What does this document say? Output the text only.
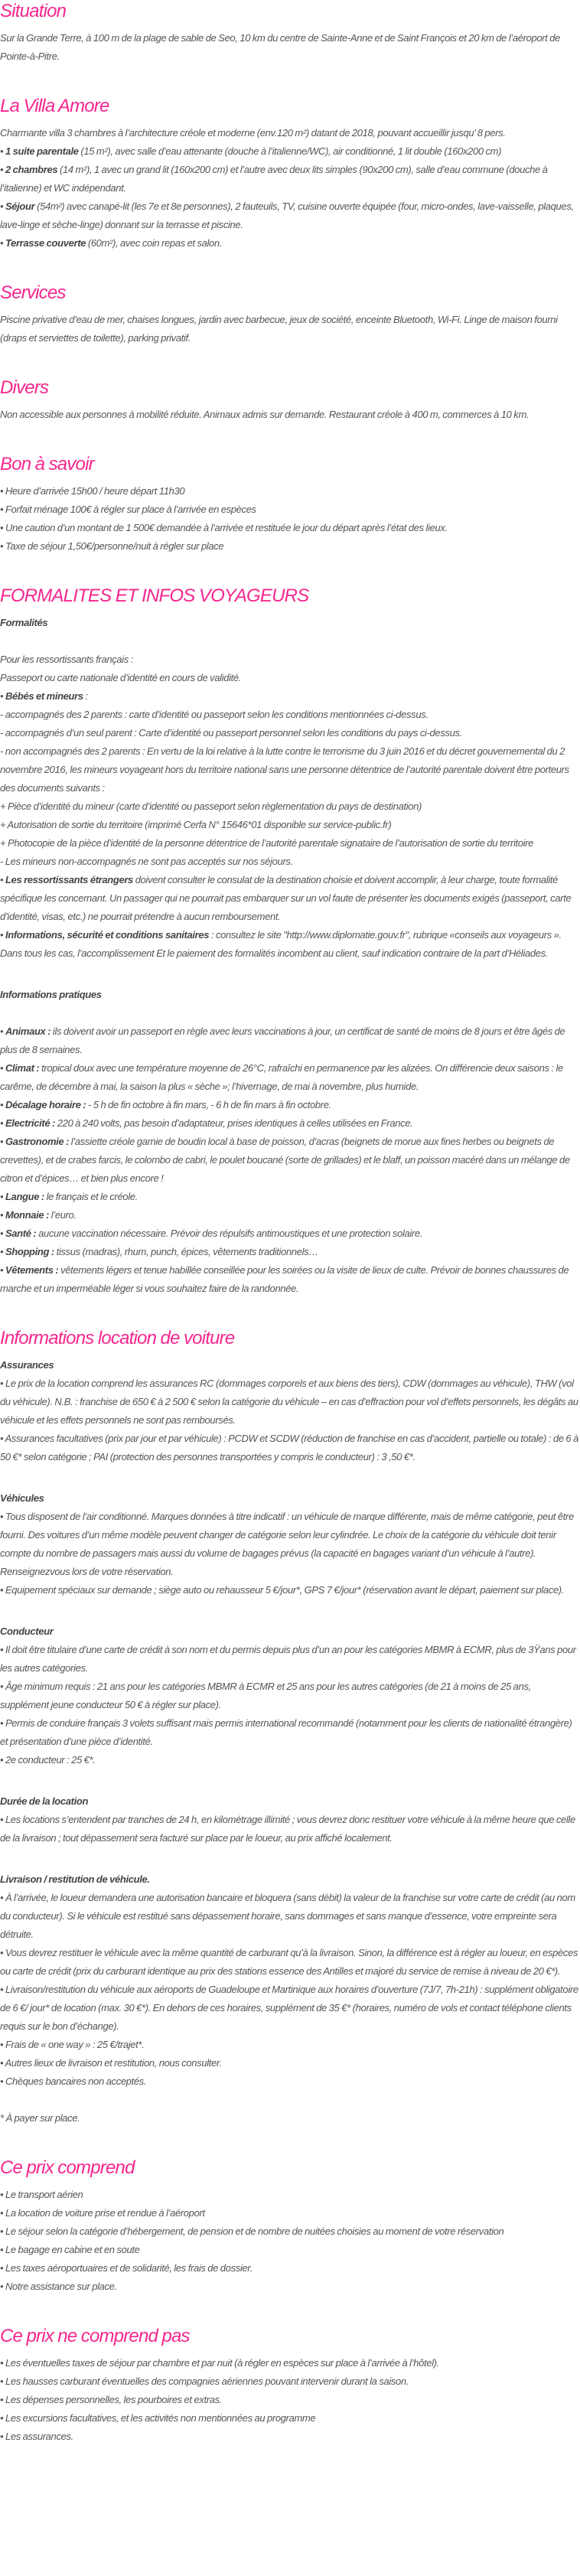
Situation

Sur la Grande Terre, à 100 m de la plage de sable de Seo, 10 km du centre de Sainte-Anne et de Saint François et 20 km de l’aéroport de Pointe-à-Pitre.

La Villa Amore

Charmante villa 3 chambres à l’architecture créole et moderne (env.120 m²) datant de 2018, pouvant accueillir jusqu’ 8 pers.

• 1 suite parentale (15 m²), avec salle d’eau attenante (douche à l’italienne/WC), air conditionné, 1 lit double (160x200 cm)
• 2 chambres (14 m²), 1 avec un grand lit (160x200 cm) et l’autre avec deux lits simples (90x200 cm), salle d’eau commune (douche à l’italienne) et WC indépendant.
• Séjour (54m²) avec canapé-lit (les 7e et 8e personnes), 2 fauteuils, TV, cuisine ouverte équipée (four, micro-ondes, lave-vaisselle, plaques, lave-linge et sèche-linge) donnant sur la terrasse et piscine.
• Terrasse couverte (60m²), avec coin repas et salon.
Services

Piscine privative d’eau de mer, chaises longues, jardin avec barbecue, jeux de société, enceinte Bluetooth, Wi-Fi. Linge de maison fourni (draps et serviettes de toilette), parking privatif.

Divers

Non accessible aux personnes à mobilité réduite. Animaux admis sur demande. Restaurant créole à 400 m, commerces à 10 km.

Bon à savoir
• Heure d’arrivée 15h00 / heure départ 11h30
• Forfait ménage 100€ à régler sur place à l’arrivée en espèces
• Une caution d’un montant de 1 500€ demandée à l’arrivée et restituée le jour du départ après l’état des lieux.
• Taxe de séjour 1,50€/personne/nuit à régler sur place
FORMALITES ET INFOS VOYAGEURS

Formalités

Pour les ressortissants français :
Passeport ou carte nationale d’identité en cours de validité.
• Bébés et mineurs :
- accompagnés des 2 parents : carte d’identité ou passeport selon les conditions mentionnées ci-dessus.
- accompagnés d’un seul parent : Carte d’identité ou passeport personnel selon les conditions du pays ci-dessus.
- non accompagnés des 2 parents : En vertu de la loi relative à la lutte contre le terrorisme du 3 juin 2016 et du décret gouvernemental du 2 novembre 2016, les mineurs voyageant hors du territoire national sans une personne détentrice de l’autorité parentale doivent être porteurs des documents suivants :
+ Pièce d’identité du mineur (carte d’identité ou passeport selon règlementation du pays de destination)
+ Autorisation de sortie du territoire (imprimé Cerfa N° 15646*01 disponible sur service-public.fr)
+ Photocopie de la pièce d’identité de la personne détentrice de l’autorité parentale signataire de l’autorisation de sortie du territoire
- Les mineurs non-accompagnés ne sont pas acceptés sur nos séjours.
• Les ressortissants étrangers doivent consulter le consulat de la destination choisie et doivent accomplir, à leur charge, toute formalité spécifique les concernant. Un passager qui ne pourrait pas embarquer sur un vol faute de présenter les documents exigés (passeport, carte d’identité, visas, etc.) ne pourrait prétendre à aucun remboursement.
• Informations, sécurité et conditions sanitaires : consultez le site "http://www.diplomatie.gouv.fr", rubrique «conseils aux voyageurs ». Dans tous les cas, l’accomplissement Et le paiement des formalités incombent au client, sauf indication contraire de la part d’Héliades.

Informations pratiques

• Animaux : ils doivent avoir un passeport en règle avec leurs vaccinations à jour, un certificat de santé de moins de 8 jours et être âgés de plus de 8 semaines.
• Climat : tropical doux avec une température moyenne de 26°C, rafraîchi en permanence par les alizées. On différencie deux saisons : le carême, de décembre à mai, la saison la plus « sèche »; l’hivernage, de mai à novembre, plus humide.
• Décalage horaire : - 5 h de fin octobre à fin mars, - 6 h de fin mars à fin octobre.
• Electricité : 220 à 240 volts, pas besoin d’adaptateur, prises identiques à celles utilisées en France.
• Gastronomie : l’assiette créole garnie de boudin local à base de poisson, d’acras (beignets de morue aux fines herbes ou beignets de crevettes), et de crabes farcis, le colombo de cabri, le poulet boucané (sorte de grillades) et le blaff, un poisson macéré dans un mélange de citron et d’épices… et bien plus encore !
• Langue : le français et le créole.
• Monnaie : l’euro.
• Santé : aucune vaccination nécessaire. Prévoir des répulsifs antimoustiques et une protection solaire.
• Shopping : tissus (madras), rhum, punch, épices, vêtements traditionnels…
• Vêtements : vêtements légers et tenue habillée conseillée pour les soirées ou la visite de lieux de culte. Prévoir de bonnes chaussures de marche et un imperméable léger si vous souhaitez faire de la randonnée.
Informations location de voiture

Assurances

• Le prix de la location comprend les assurances RC (dommages corporels et aux biens des tiers), CDW (dommages au véhicule), THW (vol du véhicule). N.B. : franchise de 650 € à 2 500 € selon la catégorie du véhicule – en cas d’effraction pour vol d’effets personnels, les dégâts au véhicule et les effets personnels ne sont pas remboursés.
• Assurances facultatives (prix par jour et par véhicule) : PCDW et SCDW (réduction de franchise en cas d’accident, partielle ou totale) : de 6 à 50 €* selon catégorie ; PAI (protection des personnes transportées y compris le conducteur) : 3 ,50 €*.

Véhicules

• Tous disposent de l’air conditionné. Marques données à titre indicatif : un véhicule de marque différente, mais de même catégorie, peut être fourni. Des voitures d’un même modèle peuvent changer de catégorie selon leur cylindrée. Le choix de la catégorie du véhicule doit tenir compte du nombre de passagers mais aussi du volume de bagages prévus (la capacité en bagages variant d’un véhicule à l’autre). Renseignezvous lors de votre réservation.
• Equipement spéciaux sur demande ; siège auto ou rehausseur 5 €/jour*, GPS 7 €/jour* (réservation avant le départ, paiement sur place).

Conducteur

• Il doit être titulaire d’une carte de crédit à son nom et du permis depuis plus d’un an pour les catégories MBMR à ECMR, plus de 3Ÿans pour les autres catégories.
• Âge minimum requis : 21 ans pour les catégories MBMR à ECMR et 25 ans pour les autres catégories (de 21 à moins de 25 ans, supplément jeune conducteur 50 € à régler sur place).
• Permis de conduire français 3 volets suffisant mais permis international recommandé (notamment pour les clients de nationalité étrangère) et présentation d’une pièce d’identité.
• 2e conducteur : 25 €*.

Durée de la location

• Les locations s’entendent par tranches de 24 h, en kilométrage illimité ; vous devrez donc restituer votre véhicule à la même heure que celle de la livraison ; tout dépassement sera facturé sur place par le loueur, au prix affiché localement.

Livraison / restitution de véhicule.

• À l’arrivée, le loueur demandera une autorisation bancaire et bloquera (sans débit) la valeur de la franchise sur votre carte de crédit (au nom du conducteur). Si le véhicule est restitué sans dépassement horaire, sans dommages et sans manque d’essence, votre empreinte sera détruite.
• Vous devrez restituer le véhicule avec la même quantité de carburant qu’à la livraison. Sinon, la différence est à régler au loueur, en espèces ou carte de crédit (prix du carburant identique au prix des stations essence des Antilles et majoré du service de remise à niveau de 20 €*).
• Livraison/restitution du véhicule aux aéroports de Guadeloupe et Martinique aux horaires d’ouverture (7J/7, 7h-21h) : supplément obligatoire de 6 €/ jour* de location (max. 30 €*). En dehors de ces horaires, supplément de 35 €* (horaires, numéro de vols et contact téléphone clients requis sur le bon d’échange).
• Frais de « one way » : 25 €/trajet*.
• Autres lieux de livraison et restitution, nous consulter.
• Chèques bancaires non acceptés.

* À payer sur place.

Ce prix comprend
• Le transport aérien
• La location de voiture prise et rendue à l’aéroport
• Le séjour selon la catégorie d’hébergement, de pension et de nombre de nuitées choisies au moment de votre réservation
• Le bagage en cabine et en soute
• Les taxes aéroportuaires et de solidarité, les frais de dossier.
• Notre assistance sur place.
Ce prix ne comprend pas
• Les éventuelles taxes de séjour par chambre et par nuit (à régler en espèces sur place à l’arrivée à l’hôtel).
• Les hausses carburant éventuelles des compagnies aériennes pouvant intervenir durant la saison.
• Les dépenses personnelles, les pourboires et extras.
• Les excursions facultatives, et les activités non mentionnées au programme
• Les assurances.
